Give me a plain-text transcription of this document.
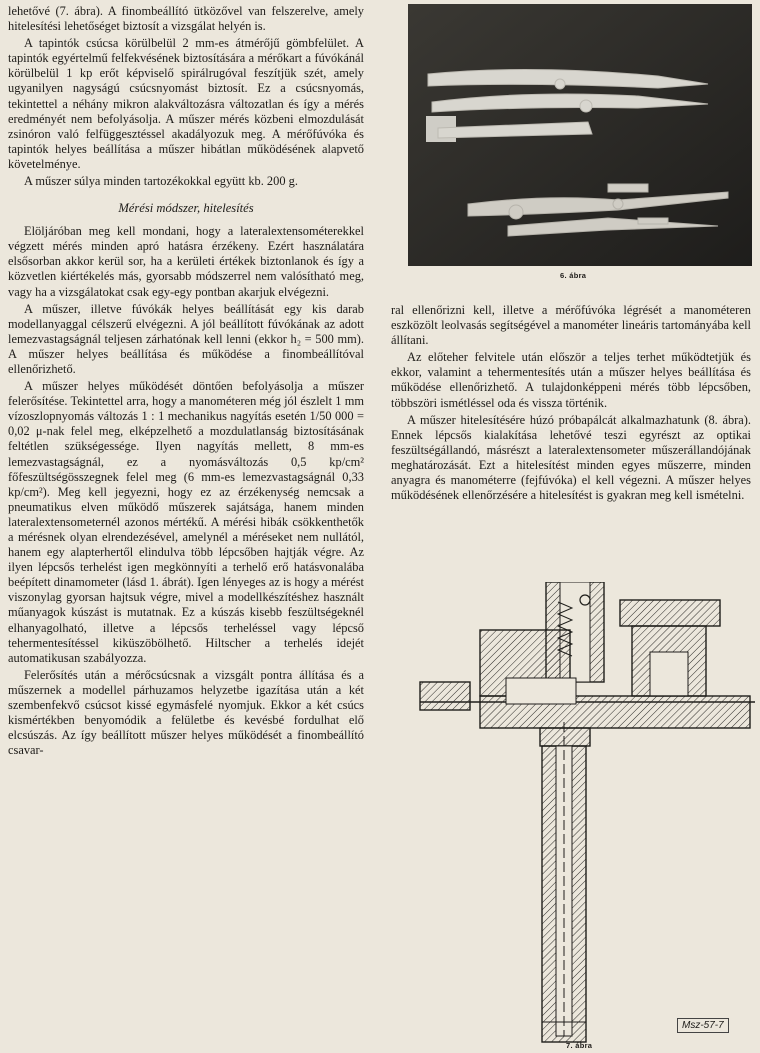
lehetővé (7. ábra). A finombeállító ütközővel van felszerelve, amely hitelesítési lehetőséget biztosít a vizsgálat helyén is.

A tapintók csúcsa körülbelül 2 mm-es átmérőjű gömbfelület. A tapintók egyértelmű felfekvésének biztosítására a mérőkart a fúvókánál körülbelül 1 kp erőt képviselő spirálrugóval feszítjük szét, amely ugyanilyen nagyságú csúcsnyomást biztosít. Ez a csúcsnyomás, tekintettel a néhány mikron alakváltozásra változatlan és így a mérés eredményét nem befolyásolja. A műszer mérés közbeni elmozdulását zsinóron való felfüggesztéssel akadályozuk meg. A mérőfúvóka és tapintók helyes beállítása a műszer hibátlan működésének alapvető követelménye.

A műszer súlya minden tartozékokkal együtt kb. 200 g.

Mérési módszer, hitelesítés

Elöljáróban meg kell mondani, hogy a lateralextensométerekkel végzett mérés minden apró hatásra érzékeny. Ezért használatára elsősorban akkor kerül sor, ha a kerületi értékek biztonlanok és így a közvetlen kiértékelés más, gyorsabb módszerrel nem valósítható meg, vagy ha a vizsgálatokat csak egy-egy pontban akarjuk elvégezni.

A műszer, illetve fúvókák helyes beállítását egy kis darab modellanyaggal célszerű elvégezni. A jól beállított fúvókának az adott lemezvastagságnál teljesen zárhatónak kell lenni (ekkor h₂ = 500 mm). A műszer helyes beállítása és működése a finombeállítóval ellenőrizhető.

A műszer helyes működését döntően befolyásolja a műszer felerősítése. Tekintettel arra, hogy a manométeren még jól észlelt 1 mm vízoszlopnyomás változás 1 : 1 mechanikus nagyítás esetén 1/50 000 = 0,02 μ-nak felel meg, elképzelhető a mozdulatlanság biztosításának feltétlen szükségessége. Ilyen nagyítás mellett, 8 mm-es lemezvastagságnál, ez a nyomásváltozás 0,5 kp/cm² főfeszültségösszegnek felel meg (6 mm-es lemezvastagságnál 0,33 kp/cm²). Meg kell jegyezni, hogy ez az érzékenység nemcsak a pneumatikus elven működő műszerek sajátsága, hanem minden lateralextensometernél azonos mértékű. A mérési hibák csökkenthetők a mérésnek olyan elrendezésével, amelynél a méréseket nem nullától, hanem egy alapterhertől elindulva több lépcsőben hajtják végre. Az ilyen lépcsős terhelést igen megkönnyíti a terhelő erő hatásvonalába beépített dinamometer (lásd 1. ábrát). Igen lényeges az is hogy a mérést viszonylag gyorsan hajtsuk végre, mivel a modellkészítéshez használt műanyagok kúszást is mutatnak. Ez a kúszás kisebb feszültségeknél elhanyagolható, illetve a lépcsős terheléssel vagy lépcső tehermentesítéssel kiküszöbölhető. Hiltscher a terhelés idejét automatikusan szabályozza.

Felerősítés után a mérőcsúcsnak a vizsgált pontra állítása és a műszernek a modellel párhuzamos helyzetbe igazítása után a két szembenfekvő csúcsot kissé egymásfelé nyomjuk. Ekkor a két csúcs kismértékben benyomódik a felületbe és kevésbé fordulhat elő elcsúszás. Az így beállított műszer helyes működését a finombeállító csavar-

6. ábra

ral ellenőrizni kell, illetve a mérőfúvóka légrését a manométeren eszközölt leolvasás segítségével a manométer lineáris tartományába kell állítani.

Az előteher felvitele után először a teljes terhet működtetjük és ekkor, valamint a tehermentesítés után a műszer helyes beállítása és működése ellenőrizhető. A tulajdonképpeni mérés több lépcsőben, többszöri ismétléssel oda és vissza történik.

A műszer hitelesítésére húzó próbapálcát alkalmazhatunk (8. ábra). Ennek lépcsős kialakítása lehetővé teszi egyrészt az optikai feszültségállandó, másrészt a lateralextensometer műszerállandójának meghatározását. Ezt a hitelesítést minden egyes műszerre, minden anyagra és manométerre (fejfúvóka) el kell végezni. A műszer helyes működésének ellenőrzésére a hitelesítést is gyakran meg kell ismételni.

Msz-57-7
7. ábra
